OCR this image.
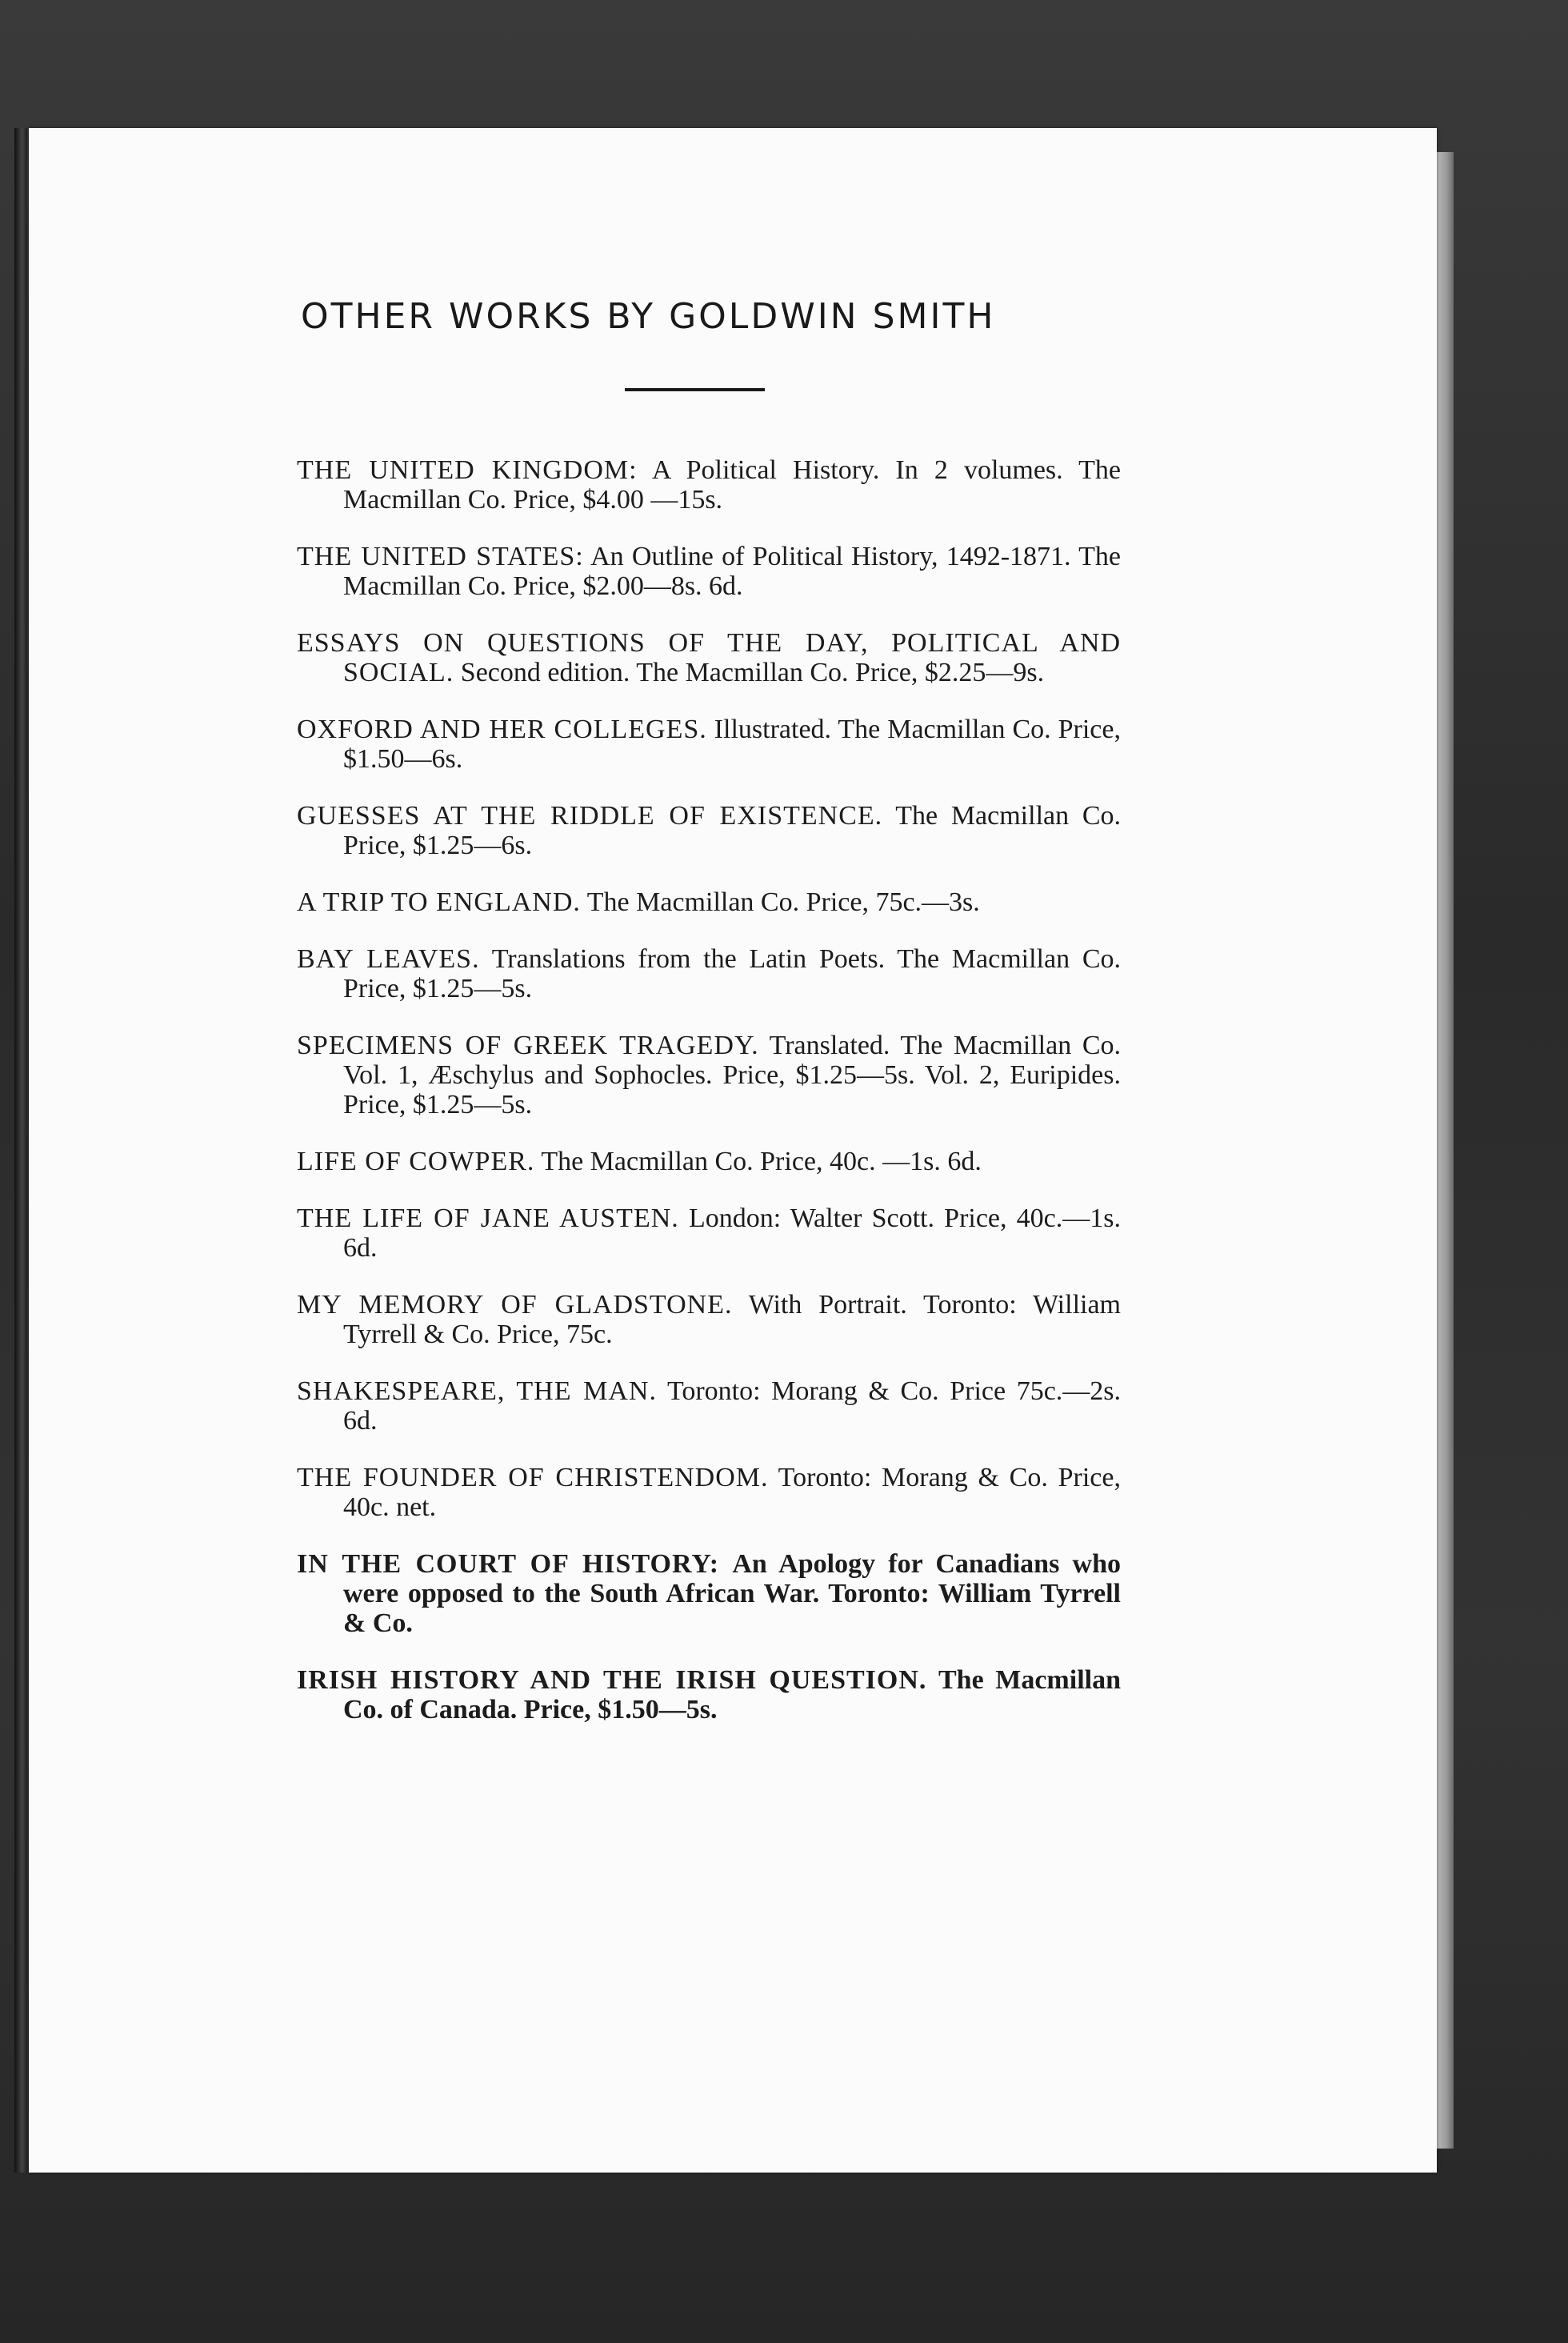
OTHER WORKS BY GOLDWIN SMITH

THE UNITED KINGDOM: A Political History. In 2 volumes. The Macmillan Co. Price, $4.00 —15s.

THE UNITED STATES: An Outline of Political History, 1492-1871. The Macmillan Co. Price, $2.00—8s. 6d.

ESSAYS ON QUESTIONS OF THE DAY, POLITICAL AND SOCIAL. Second edition. The Macmillan Co. Price, $2.25—9s.

OXFORD AND HER COLLEGES. Illustrated. The Macmillan Co. Price, $1.50—6s.

GUESSES AT THE RIDDLE OF EXISTENCE. The Macmillan Co. Price, $1.25—6s.

A TRIP TO ENGLAND. The Macmillan Co. Price, 75c.—3s.

BAY LEAVES. Translations from the Latin Poets. The Macmillan Co. Price, $1.25—5s.

SPECIMENS OF GREEK TRAGEDY. Translated. The Macmillan Co. Vol. 1, Æschylus and Sophocles. Price, $1.25—5s. Vol. 2, Euripides. Price, $1.25—5s.

LIFE OF COWPER. The Macmillan Co. Price, 40c. —1s. 6d.

THE LIFE OF JANE AUSTEN. London: Walter Scott. Price, 40c.—1s. 6d.

MY MEMORY OF GLADSTONE. With Portrait. Toronto: William Tyrrell & Co. Price, 75c.

SHAKESPEARE, THE MAN. Toronto: Morang & Co. Price 75c.—2s. 6d.

THE FOUNDER OF CHRISTENDOM. Toronto: Morang & Co. Price, 40c. net.

IN THE COURT OF HISTORY: An Apology for Canadians who were opposed to the South African War. Toronto: William Tyrrell & Co.

IRISH HISTORY AND THE IRISH QUESTION. The Macmillan Co. of Canada. Price, $1.50—5s.
